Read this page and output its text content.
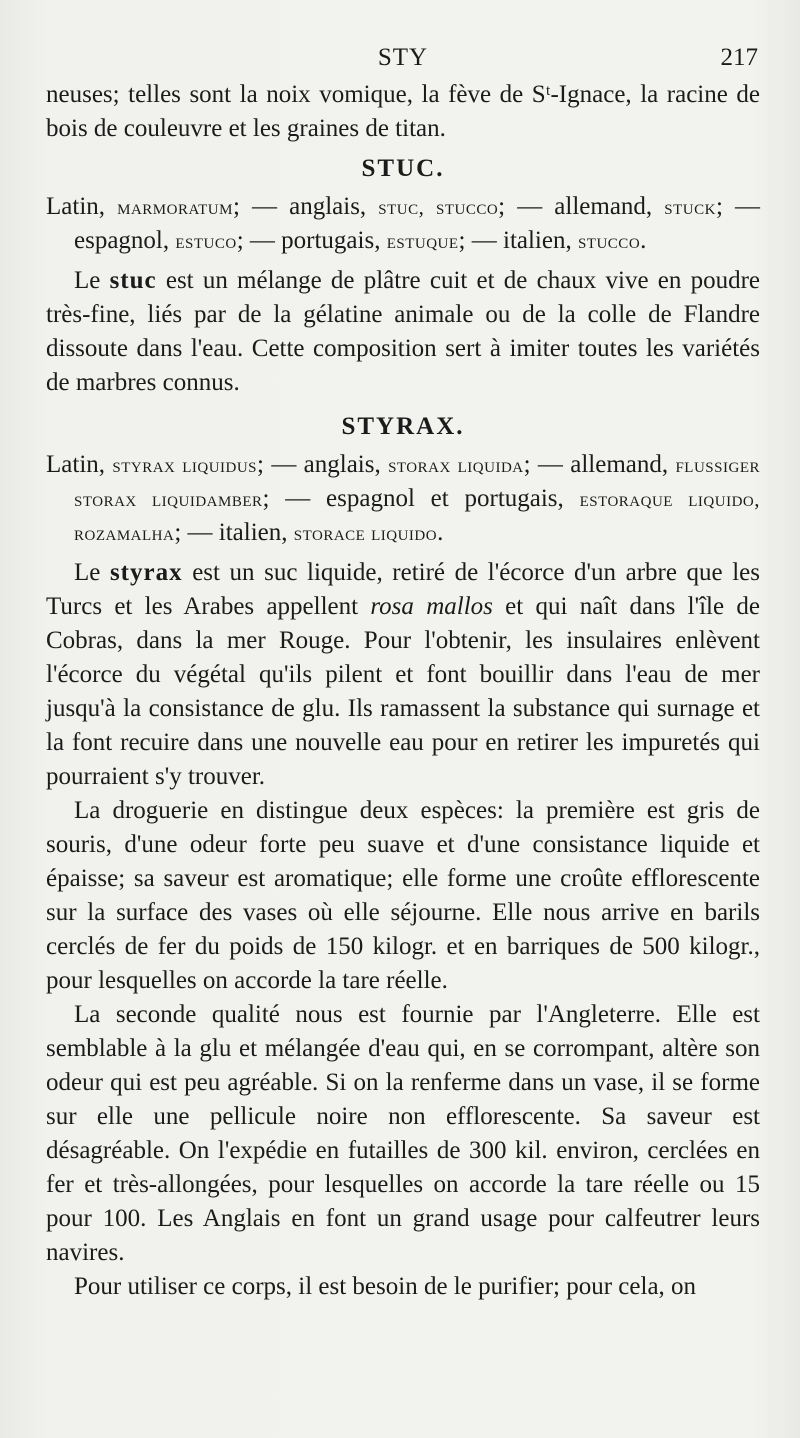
STY	217

neuses; telles sont la noix vomique, la fève de Sᵗ-Ignace, la racine de bois de couleuvre et les graines de titan.

STUC.

Latin, marmoratum; — anglais, stuc, stucco; — allemand, stuck; — espagnol, estuco; — portugais, estuque; — italien, stucco.

Le stuc est un mélange de plâtre cuit et de chaux vive en poudre très-fine, liés par de la gélatine animale ou de la colle de Flandre dissoute dans l'eau. Cette composition sert à imiter toutes les variétés de marbres connus.

STYRAX.

Latin, styrax liquidus; — anglais, storax liquida; — allemand, flussiger storax liquidamber; — espagnol et portugais, estoraque liquido, rozamalha; — italien, storace liquido.

Le styrax est un suc liquide, retiré de l'écorce d'un arbre que les Turcs et les Arabes appellent rosa mallos et qui naît dans l'île de Cobras, dans la mer Rouge. Pour l'obtenir, les insulaires enlèvent l'écorce du végétal qu'ils pilent et font bouillir dans l'eau de mer jusqu'à la consistance de glu. Ils ramassent la substance qui surnage et la font recuire dans une nouvelle eau pour en retirer les impuretés qui pourraient s'y trouver.

La droguerie en distingue deux espèces: la première est gris de souris, d'une odeur forte peu suave et d'une consistance liquide et épaisse; sa saveur est aromatique; elle forme une croûte efflorescente sur la surface des vases où elle séjourne. Elle nous arrive en barils cerclés de fer du poids de 150 kilogr. et en barriques de 500 kilogr., pour lesquelles on accorde la tare réelle.

La seconde qualité nous est fournie par l'Angleterre. Elle est semblable à la glu et mélangée d'eau qui, en se corrompant, altère son odeur qui est peu agréable. Si on la renferme dans un vase, il se forme sur elle une pellicule noire non efflorescente. Sa saveur est désagréable. On l'expédie en futailles de 300 kil. environ, cerclées en fer et très-allongées, pour lesquelles on accorde la tare réelle ou 15 pour 100. Les Anglais en font un grand usage pour calfeutrer leurs navires.

Pour utiliser ce corps, il est besoin de le purifier; pour cela, on
